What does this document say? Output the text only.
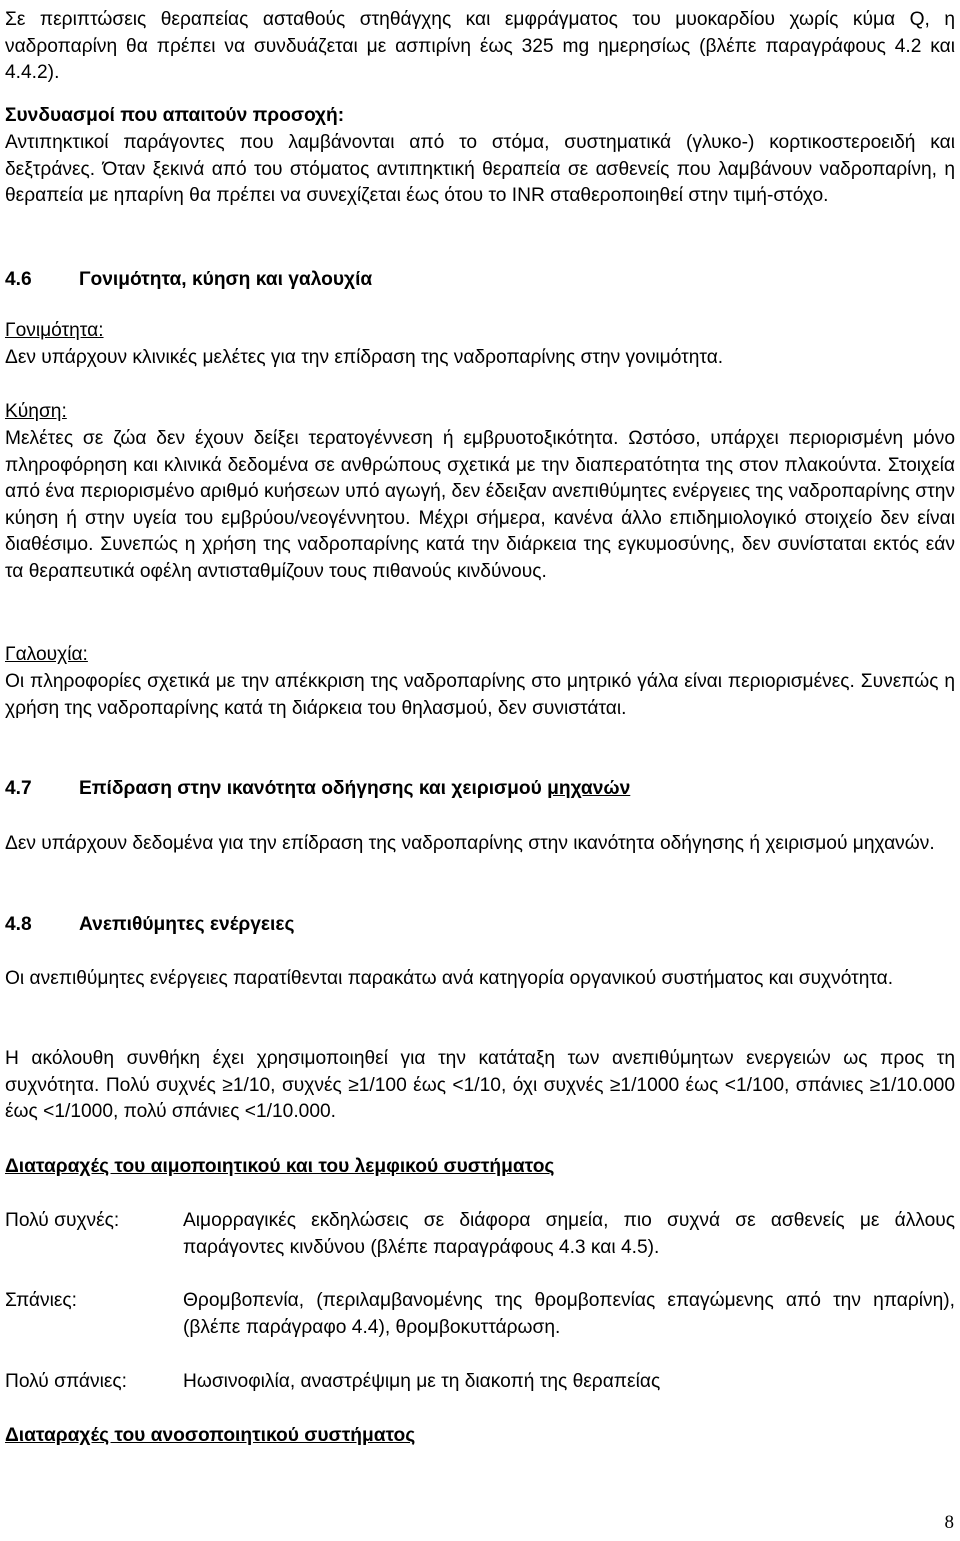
Σε περιπτώσεις θεραπείας ασταθούς στηθάγχης και εμφράγματος του μυοκαρδίου χωρίς κύμα Q, η ναδροπαρίνη θα πρέπει να συνδυάζεται με ασπιρίνη έως 325 mg ημερησίως (βλέπε παραγράφους 4.2 και 4.4.2).

Συνδυασμοί που απαιτούν προσοχή:

Αντιπηκτικοί παράγοντες που λαμβάνονται από το στόμα, συστηματικά (γλυκο-) κορτικοστεροειδή και δεξτράνες. Όταν ξεκινά από του στόματος αντιπηκτική θεραπεία σε ασθενείς που λαμβάνουν ναδροπαρίνη, η θεραπεία με ηπαρίνη θα πρέπει να συνεχίζεται έως ότου το INR σταθεροποιηθεί στην τιμή-στόχο.

4.6 Γονιμότητα, κύηση και γαλουχία

Γονιμότητα:

Δεν υπάρχουν κλινικές μελέτες για την επίδραση της ναδροπαρίνης στην γονιμότητα.

Κύηση:

Μελέτες σε ζώα δεν έχουν δείξει τερατογέννεση ή εμβρυοτοξικότητα. Ωστόσο, υπάρχει περιορισμένη μόνο πληροφόρηση και κλινικά δεδομένα σε ανθρώπους σχετικά με την διαπερατότητα της στον πλακούντα. Στοιχεία από ένα περιορισμένο αριθμό κυήσεων υπό αγωγή, δεν έδειξαν ανεπιθύμητες ενέργειες της ναδροπαρίνης στην κύηση ή στην υγεία του εμβρύου/νεογέννητου. Μέχρι σήμερα, κανένα άλλο επιδημιολογικό στοιχείο δεν είναι διαθέσιμο. Συνεπώς η χρήση της ναδροπαρίνης κατά την διάρκεια της εγκυμοσύνης, δεν συνίσταται εκτός εάν τα θεραπευτικά οφέλη αντισταθμίζουν τους πιθανούς κινδύνους.

Γαλουχία:

Οι πληροφορίες σχετικά με την απέκκριση της ναδροπαρίνης στο μητρικό γάλα είναι περιορισμένες. Συνεπώς η χρήση της ναδροπαρίνης κατά τη διάρκεια του θηλασμού, δεν συνιστάται.

4.7 Επίδραση στην ικανότητα οδήγησης και χειρισμού μηχανών

Δεν υπάρχουν δεδομένα για την επίδραση της ναδροπαρίνης στην ικανότητα οδήγησης ή χειρισμού μηχανών.

4.8 Ανεπιθύμητες ενέργειες

Οι ανεπιθύμητες ενέργειες παρατίθενται παρακάτω ανά κατηγορία οργανικού συστήματος και συχνότητα.

Η ακόλουθη συνθήκη έχει χρησιμοποιηθεί για την κατάταξη των ανεπιθύμητων ενεργειών ως προς τη συχνότητα. Πολύ συχνές ≥1/10, συχνές ≥1/100 έως <1/10, όχι συχνές ≥1/1000 έως <1/100, σπάνιες ≥1/10.000 έως <1/1000, πολύ σπάνιες <1/10.000.

Διαταραχές του αιμοποιητικού και του λεμφικού συστήματος

Πολύ συχνές:	Αιμορραγικές εκδηλώσεις σε διάφορα σημεία, πιο συχνά σε ασθενείς με άλλους παράγοντες κινδύνου (βλέπε παραγράφους 4.3 και 4.5).
Σπάνιες:	Θρομβοπενία, (περιλαμβανομένης της θρομβοπενίας επαγώμενης από την ηπαρίνη), (βλέπε παράγραφο 4.4), θρομβοκυττάρωση.
Πολύ σπάνιες:	Ηωσινοφιλία, αναστρέψιμη με τη διακοπή της θεραπείας

Διαταραχές του ανοσοποιητικού συστήματος

8
